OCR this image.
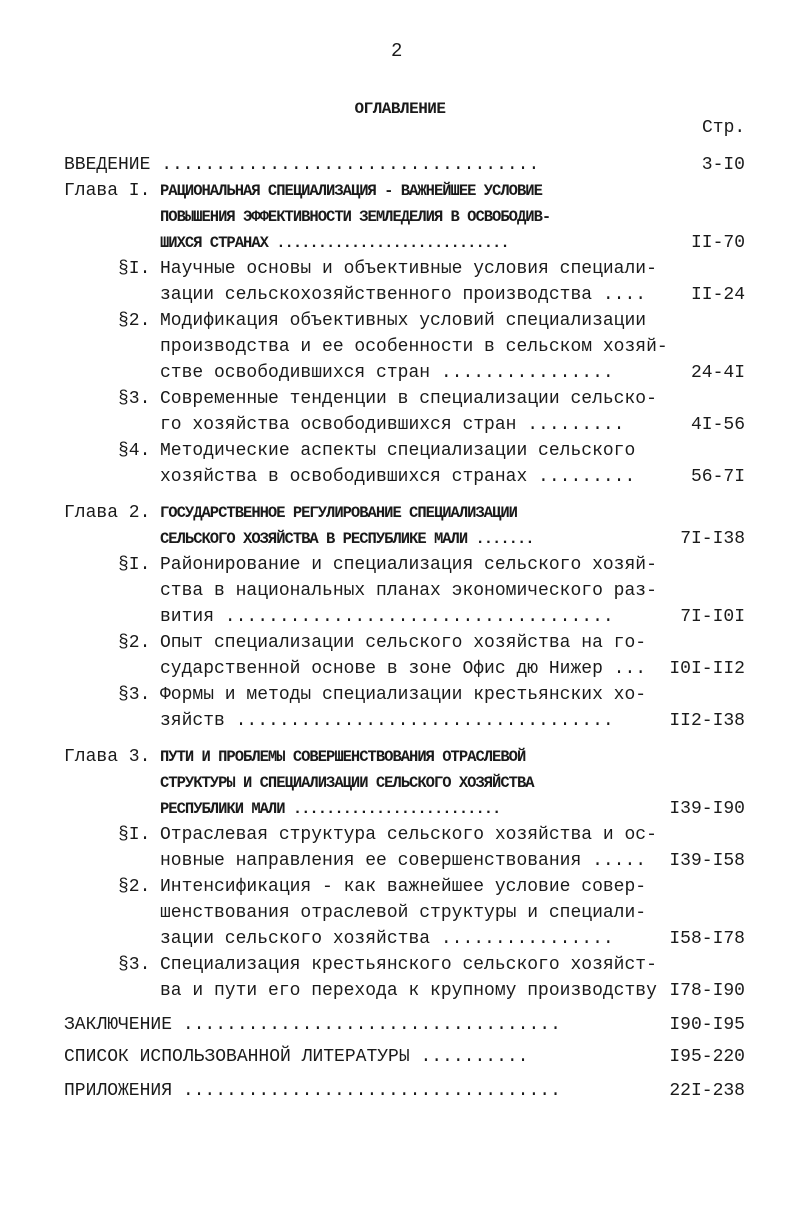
2
ОГЛАВЛЕНИЕ
Стр.
ВВЕДЕНИЕ ...................................	3-I0
Глава I. РАЦИОНАЛЬНАЯ СПЕЦИАЛИЗАЦИЯ - ВАЖНЕЙШЕЕ УСЛОВИЕ
ПОВЫШЕНИЯ ЭФФЕКТИВНОСТИ ЗЕМЛЕДЕЛИЯ В ОСВОБОДИВ-
ШИХСЯ СТРАНАХ ............................	II-70
§I. Научные основы и объективные условия специали-
зации сельскохозяйственного производства .... II-24
§2. Модификация объективных условий специализации
производства и ее особенности в сельском хозяй-
стве освободившихся стран ................	24-4I
§3. Современные тенденции в специализации сельско-
го хозяйства освободившихся стран .........	4I-56
§4. Методические аспекты специализации сельского
хозяйства в освободившихся странах .........	56-7I
Глава 2. ГОСУДАРСТВЕННОЕ РЕГУЛИРОВАНИЕ СПЕЦИАЛИЗАЦИИ
СЕЛЬСКОГО ХОЗЯЙСТВА В РЕСПУБЛИКЕ МАЛИ .......	7I-I38
§I. Районирование и специализация сельского хозяй-
ства в национальных планах экономического раз-
вития ....................................	7I-I0I
§2. Опыт специализации сельского хозяйства на го-
сударственной основе в зоне Офис дю Нижер ... I0I-II2
§3. Формы и методы специализации крестьянских хо-
зяйств ...................................	II2-I38
Глава 3. ПУТИ И ПРОБЛЕМЫ СОВЕРШЕНСТВОВАНИЯ ОТРАСЛЕВОЙ
СТРУКТУРЫ И СПЕЦИАЛИЗАЦИИ СЕЛЬСКОГО ХОЗЯЙСТВА
РЕСПУБЛИКИ МАЛИ .........................	I39-I90
§I. Отраслевая структура сельского хозяйства и ос-
новные направления ее совершенствования ..... I39-I58
§2. Интенсификация - как важнейшее условие совер-
шенствования отраслевой структуры и специали-
зации сельского хозяйства ................	I58-I78
§3. Специализация крестьянского сельского хозяйст-
ва и пути его перехода к крупному производству I78-I90
ЗАКЛЮЧЕНИЕ ...................................	I90-I95
СПИСОК ИСПОЛЬЗОВАННОЙ ЛИТЕРАТУРЫ ..........	I95-220
ПРИЛОЖЕНИЯ ...................................	22I-238
